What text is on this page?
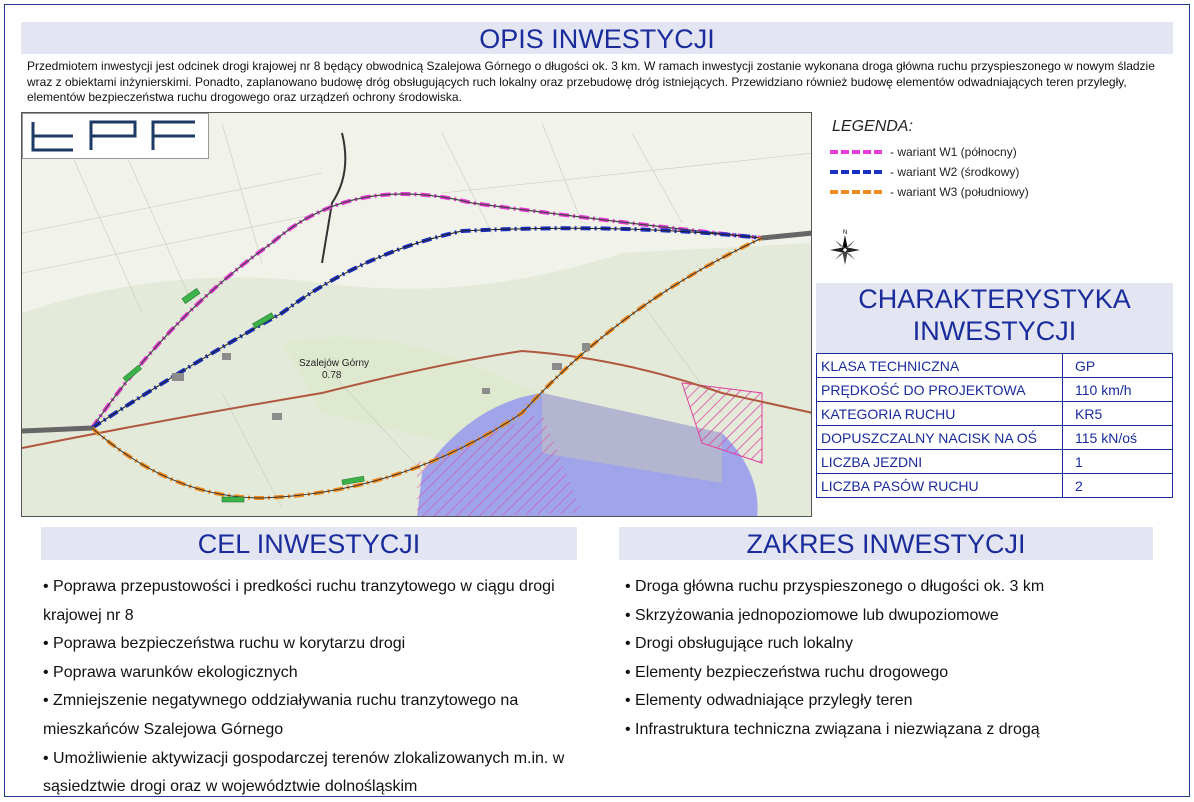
OPIS INWESTYCJI
Przedmiotem inwestycji jest odcinek drogi krajowej nr 8 będący obwodnicą Szalejowa Górnego o długości ok. 3 km. W ramach inwestycji zostanie wykonana droga główna ruchu przyspieszonego w nowym śladzie wraz z obiektami inżynierskimi. Ponadto, zaplanowano budowę dróg obsługujących ruch lokalny oraz przebudowę dróg istniejących. Przewidziano również budowę elementów odwadniających teren przyległy, elementów bezpieczeństwa ruchu drogowego oraz urządzeń ochrony środowiska.
Szalejów Górny
0.78
LEGENDA:
- wariant W1 (północny)
- wariant W2 (środkowy)
- wariant W3 (południowy)
N
CHARAKTERYSTYKA
INWESTYCJI
KLASA TECHNICZNA	GP
PRĘDKOŚĆ DO PROJEKTOWA	110 km/h
KATEGORIA RUCHU	KR5
DOPUSZCZALNY NACISK NA OŚ	115 kN/oś
LICZBA JEZDNI	1
LICZBA PASÓW RUCHU	2
CEL INWESTYCJI	ZAKRES INWESTYCJI
• Poprawa przepustowości i predkości ruchu tranzytowego w ciągu drogi krajowej nr 8
• Poprawa bezpieczeństwa ruchu w korytarzu drogi
• Poprawa warunków ekologicznych
• Zmniejszenie negatywnego oddziaływania ruchu tranzytowego na mieszkańców Szalejowa Górnego
• Umożliwienie aktywizacji gospodarczej terenów zlokalizowanych m.in. w sąsiedztwie drogi oraz w województwie dolnośląskim
• Droga główna ruchu przyspieszonego o długości ok. 3 km
• Skrzyżowania jednopoziomowe lub dwupoziomowe
• Drogi obsługujące ruch lokalny
• Elementy bezpieczeństwa ruchu drogowego
• Elementy odwadniające przyległy teren
• Infrastruktura techniczna związana i niezwiązana z drogą
